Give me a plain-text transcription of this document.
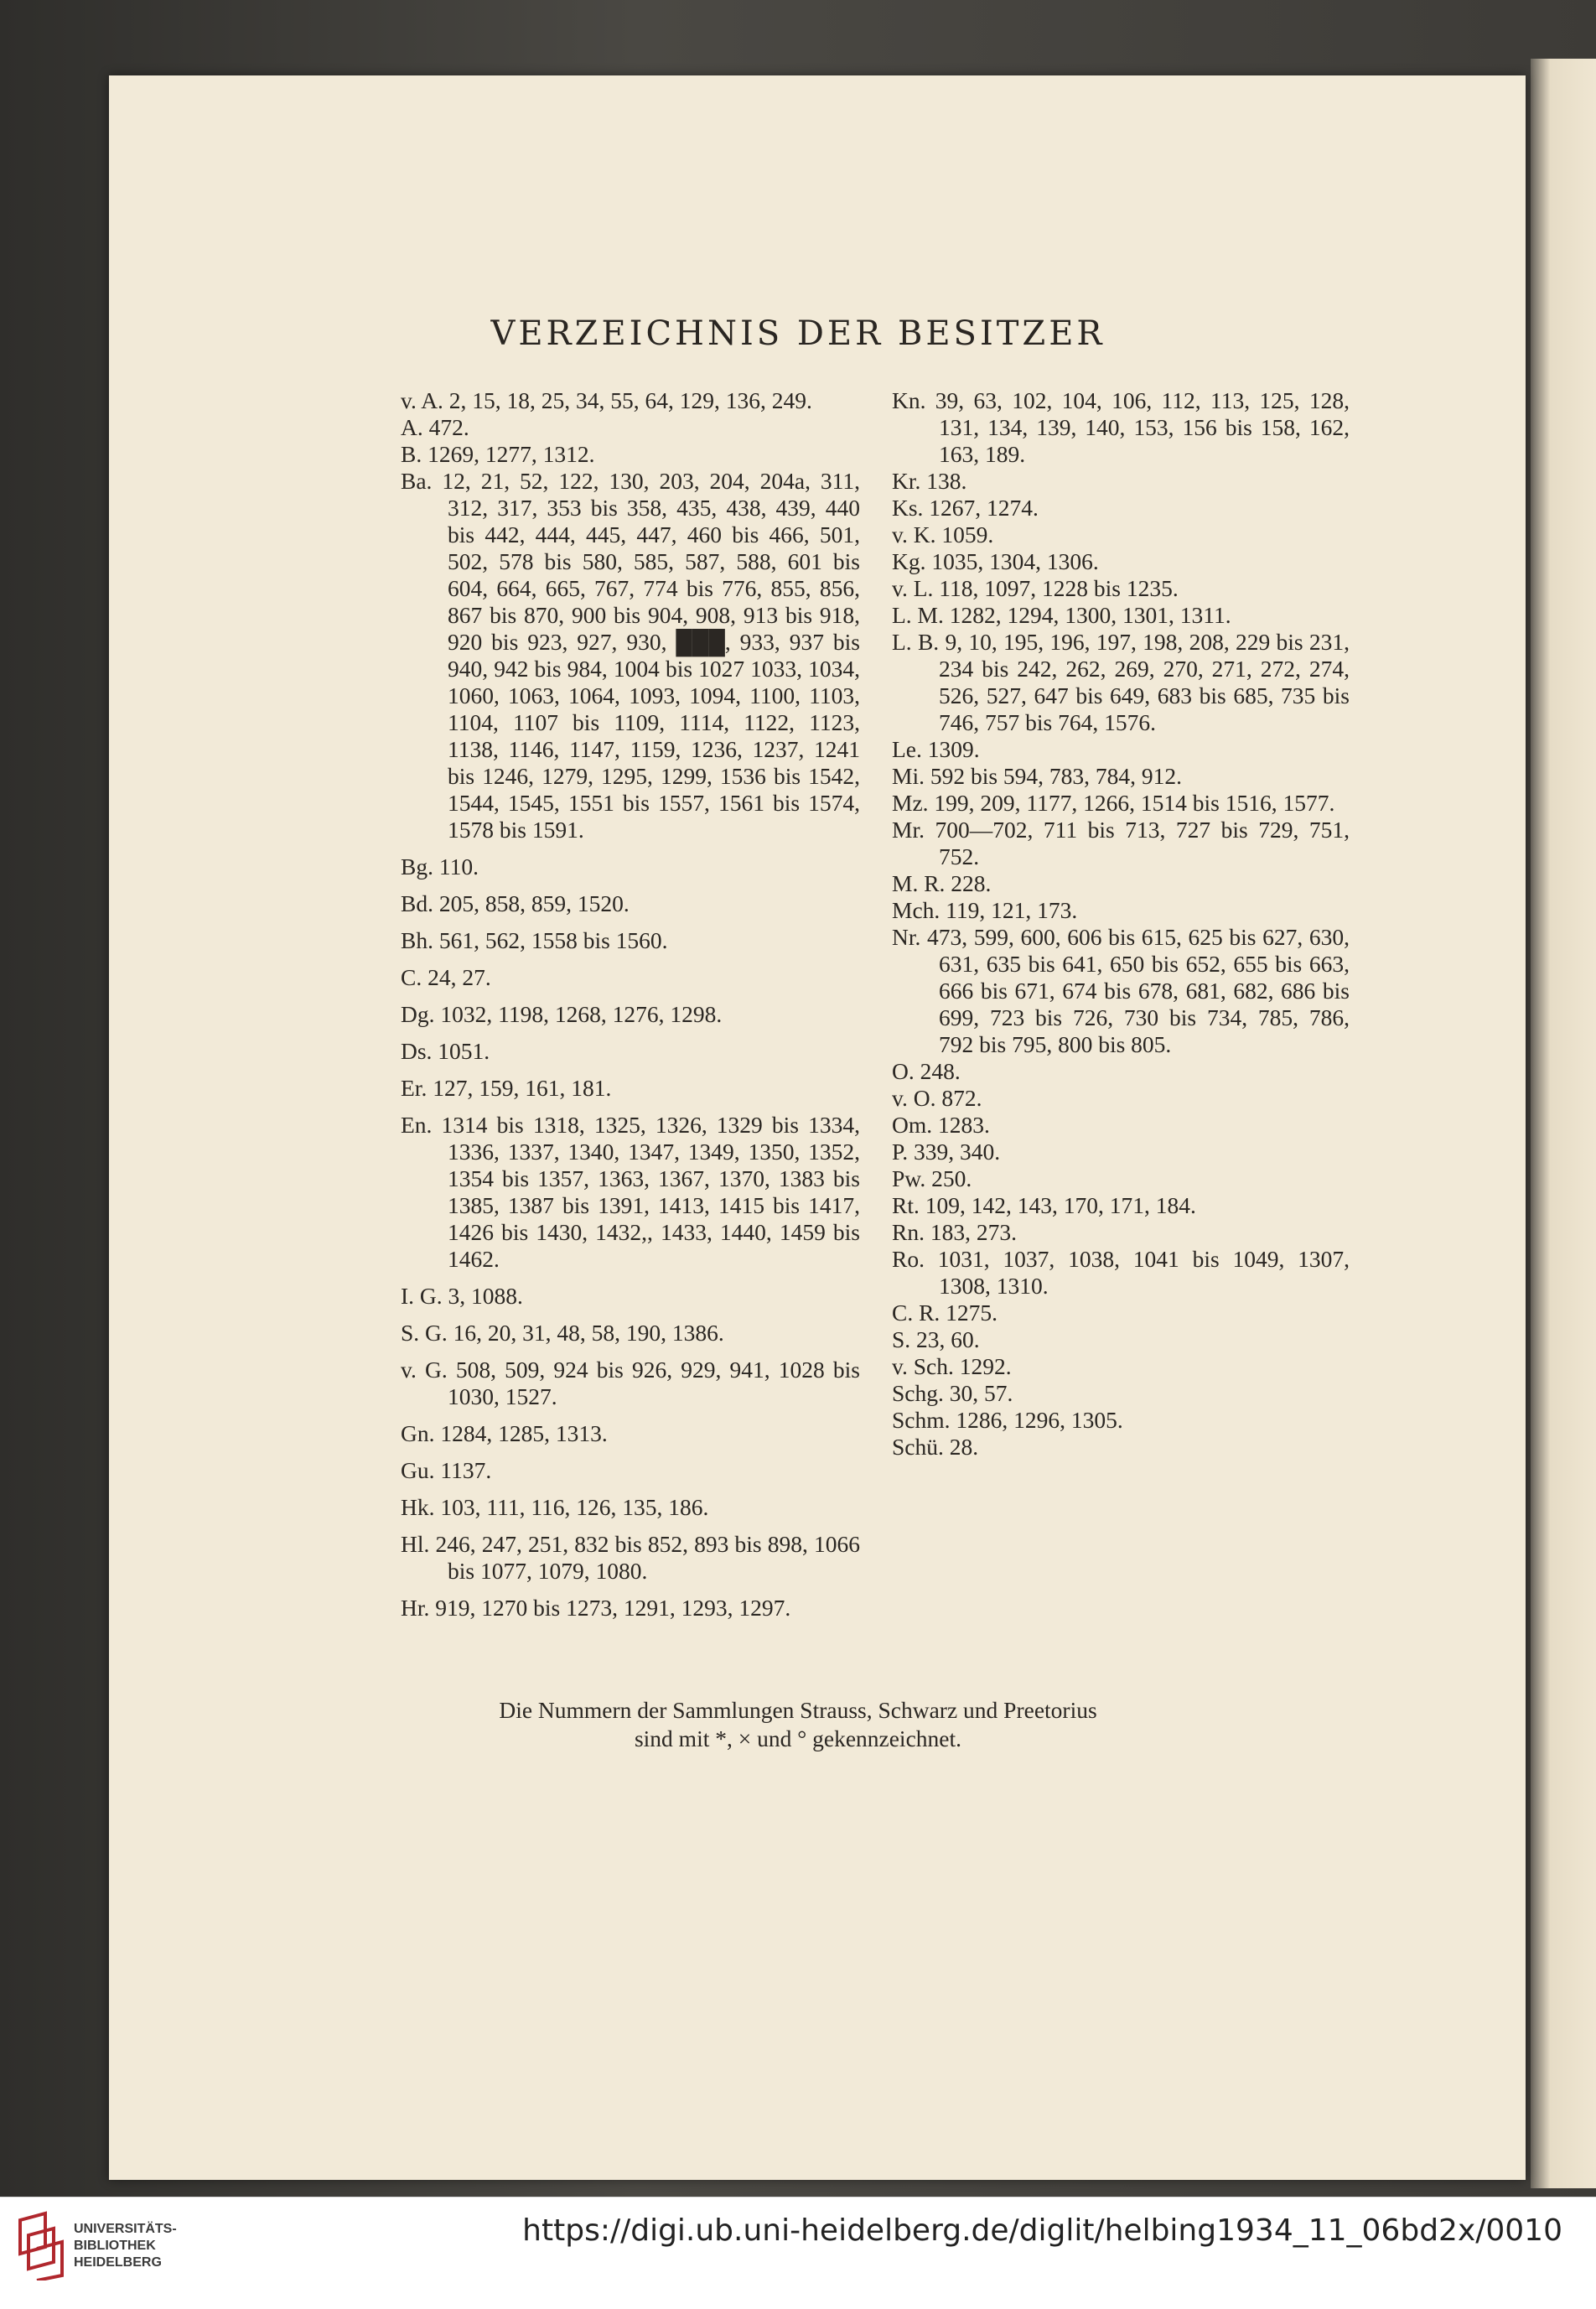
VERZEICHNIS DER BESITZER

v. A. 2, 15, 18, 25, 34, 55, 64, 129, 136, 249.

A. 472.

B. 1269, 1277, 1312.

Ba. 12, 21, 52, 122, 130, 203, 204, 204a, 311, 312, 317, 353 bis 358, 435, 438, 439, 440 bis 442, 444, 445, 447, 460 bis 466, 501, 502, 578 bis 580, 585, 587, 588, 601 bis 604, 664, 665, 767, 774 bis 776, 855, 856, 867 bis 870, 900 bis 904, 908, 913 bis 918, 920 bis 923, 927, 930, ███, 933, 937 bis 940, 942 bis 984, 1004 bis 1027 1033, 1034, 1060, 1063, 1064, 1093, 1094, 1100, 1103, 1104, 1107 bis 1109, 1114, 1122, 1123, 1138, 1146, 1147, 1159, 1236, 1237, 1241 bis 1246, 1279, 1295, 1299, 1536 bis 1542, 1544, 1545, 1551 bis 1557, 1561 bis 1574, 1578 bis 1591.

Bg. 110.

Bd. 205, 858, 859, 1520.

Bh. 561, 562, 1558 bis 1560.

C. 24, 27.

Dg. 1032, 1198, 1268, 1276, 1298.

Ds. 1051.

Er. 127, 159, 161, 181.

En. 1314 bis 1318, 1325, 1326, 1329 bis 1334, 1336, 1337, 1340, 1347, 1349, 1350, 1352, 1354 bis 1357, 1363, 1367, 1370, 1383 bis 1385, 1387 bis 1391, 1413, 1415 bis 1417, 1426 bis 1430, 1432,, 1433, 1440, 1459 bis 1462.

I. G. 3, 1088.

S. G. 16, 20, 31, 48, 58, 190, 1386.

v. G. 508, 509, 924 bis 926, 929, 941, 1028 bis 1030, 1527.

Gn. 1284, 1285, 1313.

Gu. 1137.

Hk. 103, 111, 116, 126, 135, 186.

Hl. 246, 247, 251, 832 bis 852, 893 bis 898, 1066 bis 1077, 1079, 1080.

Hr. 919, 1270 bis 1273, 1291, 1293, 1297.

Kn. 39, 63, 102, 104, 106, 112, 113, 125, 128, 131, 134, 139, 140, 153, 156 bis 158, 162, 163, 189.

Kr. 138.

Ks. 1267, 1274.

v. K. 1059.

Kg. 1035, 1304, 1306.

v. L. 118, 1097, 1228 bis 1235.

L. M. 1282, 1294, 1300, 1301, 1311.

L. B. 9, 10, 195, 196, 197, 198, 208, 229 bis 231, 234 bis 242, 262, 269, 270, 271, 272, 274, 526, 527, 647 bis 649, 683 bis 685, 735 bis 746, 757 bis 764, 1576.

Le. 1309.

Mi. 592 bis 594, 783, 784, 912.

Mz. 199, 209, 1177, 1266, 1514 bis 1516, 1577.

Mr. 700—702, 711 bis 713, 727 bis 729, 751, 752.

M. R. 228.

Mch. 119, 121, 173.

Nr. 473, 599, 600, 606 bis 615, 625 bis 627, 630, 631, 635 bis 641, 650 bis 652, 655 bis 663, 666 bis 671, 674 bis 678, 681, 682, 686 bis 699, 723 bis 726, 730 bis 734, 785, 786, 792 bis 795, 800 bis 805.

O. 248.

v. O. 872.

Om. 1283.

P. 339, 340.

Pw. 250.

Rt. 109, 142, 143, 170, 171, 184.

Rn. 183, 273.

Ro. 1031, 1037, 1038, 1041 bis 1049, 1307, 1308, 1310.

C. R. 1275.

S. 23, 60.

v. Sch. 1292.

Schg. 30, 57.

Schm. 1286, 1296, 1305.

Schü. 28.

Die Nummern der Sammlungen Strauss, Schwarz und Preetorius
sind mit *, × und ° gekennzeichnet.
UNIVERSITÄTS-
BIBLIOTHEK
HEIDELBERG
https://digi.ub.uni-heidelberg.de/diglit/helbing1934_11_06bd2x/0010
